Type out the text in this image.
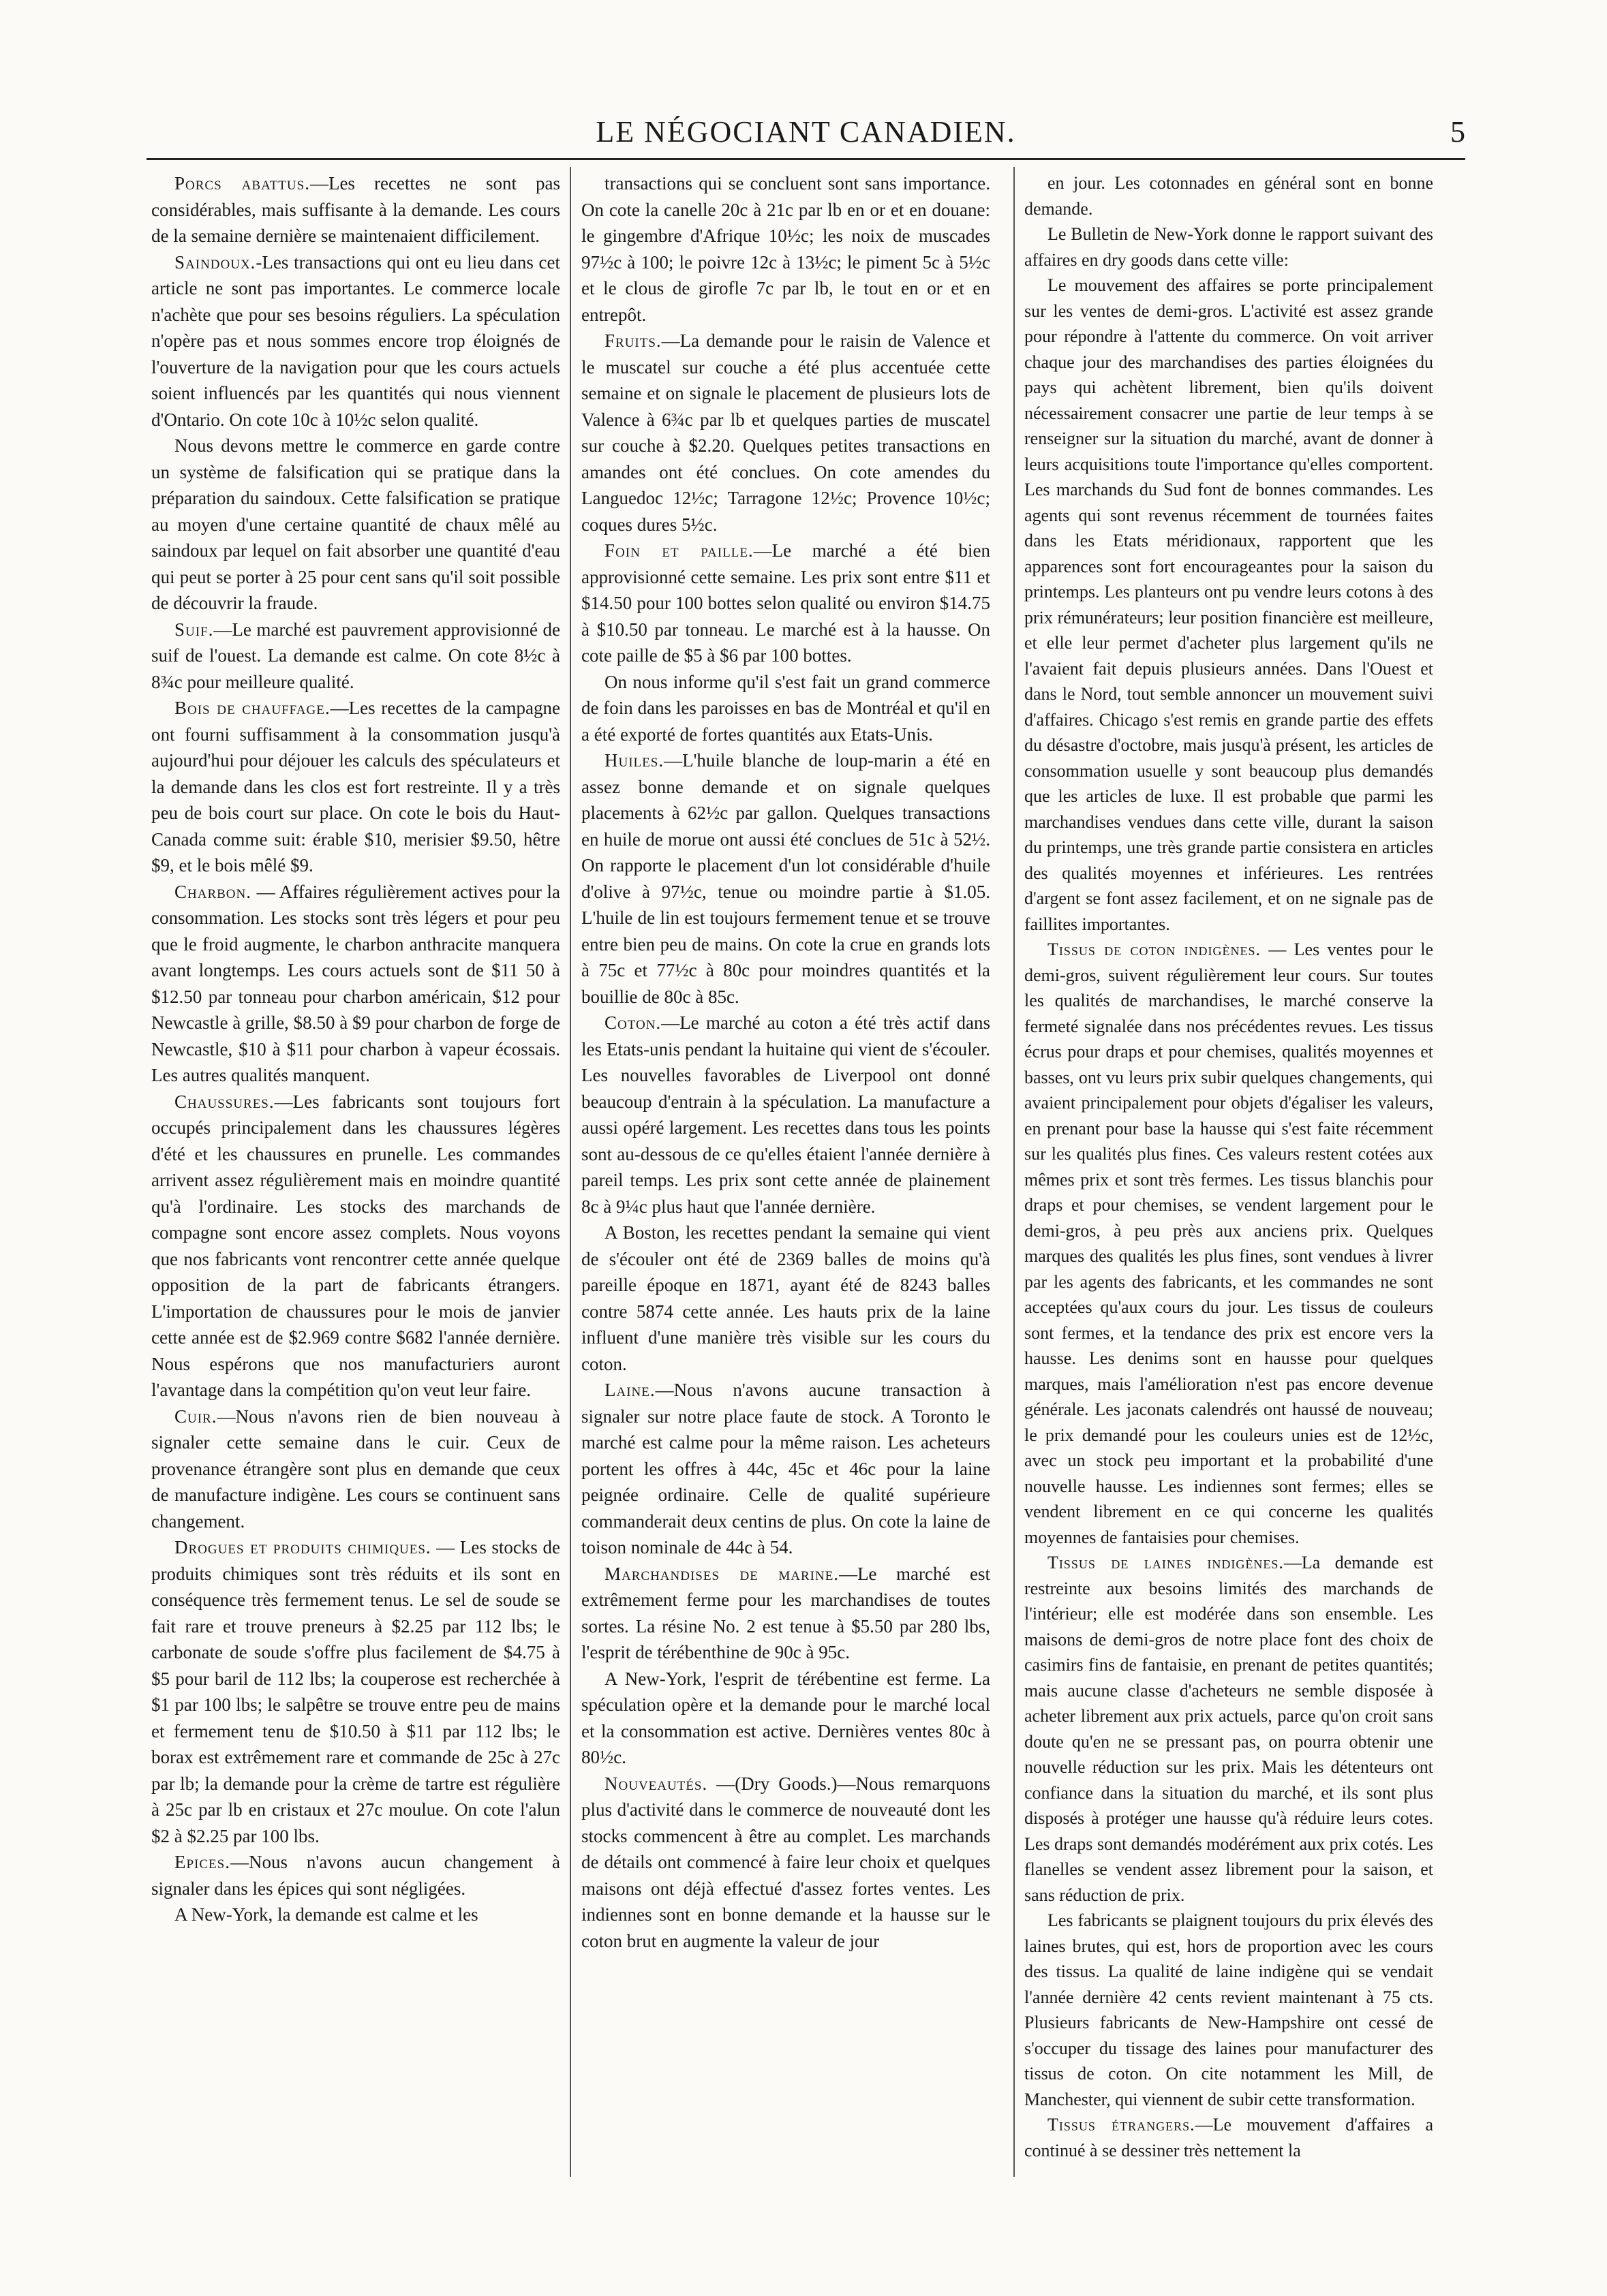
LE NÉGOCIANT CANADIEN.	5

Porcs abattus.—Les recettes ne sont pas considérables, mais suffisante à la demande. Les cours de la semaine dernière se maintenaient difficilement.

Saindoux.-Les transactions qui ont eu lieu dans cet article ne sont pas importantes. Le commerce locale n'achète que pour ses besoins réguliers. La spéculation n'opère pas et nous sommes encore trop éloignés de l'ouverture de la navigation pour que les cours actuels soient influencés par les quantités qui nous viennent d'Ontario. On cote 10c à 10½c selon qualité.

Nous devons mettre le commerce en garde contre un système de falsification qui se pratique dans la préparation du saindoux. Cette falsification se pratique au moyen d'une certaine quantité de chaux mêlé au saindoux par lequel on fait absorber une quantité d'eau qui peut se porter à 25 pour cent sans qu'il soit possible de découvrir la fraude.

Suif.—Le marché est pauvrement approvisionné de suif de l'ouest. La demande est calme. On cote 8½c à 8¾c pour meilleure qualité.

Bois de chauffage.—Les recettes de la campagne ont fourni suffisamment à la consommation jusqu'à aujourd'hui pour déjouer les calculs des spéculateurs et la demande dans les clos est fort restreinte. Il y a très peu de bois court sur place. On cote le bois du Haut-Canada comme suit: érable $10, merisier $9.50, hêtre $9, et le bois mêlé $9.

Charbon. — Affaires régulièrement actives pour la consommation. Les stocks sont très légers et pour peu que le froid augmente, le charbon anthracite manquera avant longtemps. Les cours actuels sont de $11 50 à $12.50 par tonneau pour charbon américain, $12 pour Newcastle à grille, $8.50 à $9 pour charbon de forge de Newcastle, $10 à $11 pour charbon à vapeur écossais. Les autres qualités manquent.

Chaussures.—Les fabricants sont toujours fort occupés principalement dans les chaussures légères d'été et les chaussures en prunelle. Les commandes arrivent assez régulièrement mais en moindre quantité qu'à l'ordinaire. Les stocks des marchands de compagne sont encore assez complets. Nous voyons que nos fabricants vont rencontrer cette année quelque opposition de la part de fabricants étrangers. L'importation de chaussures pour le mois de janvier cette année est de $2.969 contre $682 l'année dernière. Nous espérons que nos manufacturiers auront l'avantage dans la compétition qu'on veut leur faire.

Cuir.—Nous n'avons rien de bien nouveau à signaler cette semaine dans le cuir. Ceux de provenance étrangère sont plus en demande que ceux de manufacture indigène. Les cours se continuent sans changement.

Drogues et produits chimiques. — Les stocks de produits chimiques sont très réduits et ils sont en conséquence très fermement tenus. Le sel de soude se fait rare et trouve preneurs à $2.25 par 112 lbs; le carbonate de soude s'offre plus facilement de $4.75 à $5 pour baril de 112 lbs; la couperose est recherchée à $1 par 100 lbs; le salpêtre se trouve entre peu de mains et fermement tenu de $10.50 à $11 par 112 lbs; le borax est extrêmement rare et commande de 25c à 27c par lb; la demande pour la crème de tartre est régulière à 25c par lb en cristaux et 27c moulue. On cote l'alun $2 à $2.25 par 100 lbs.

Epices.—Nous n'avons aucun changement à signaler dans les épices qui sont négligées.

A New-York, la demande est calme et les

transactions qui se concluent sont sans importance. On cote la canelle 20c à 21c par lb en or et en douane: le gingembre d'Afrique 10½c; les noix de muscades 97½c à 100; le poivre 12c à 13½c; le piment 5c à 5½c et le clous de girofle 7c par lb, le tout en or et en entrepôt.

Fruits.—La demande pour le raisin de Valence et le muscatel sur couche a été plus accentuée cette semaine et on signale le placement de plusieurs lots de Valence à 6¾c par lb et quelques parties de muscatel sur couche à $2.20. Quelques petites transactions en amandes ont été conclues. On cote amendes du Languedoc 12½c; Tarragone 12½c; Provence 10½c; coques dures 5½c.

Foin et paille.—Le marché a été bien approvisionné cette semaine. Les prix sont entre $11 et $14.50 pour 100 bottes selon qualité ou environ $14.75 à $10.50 par tonneau. Le marché est à la hausse. On cote paille de $5 à $6 par 100 bottes.

On nous informe qu'il s'est fait un grand commerce de foin dans les paroisses en bas de Montréal et qu'il en a été exporté de fortes quantités aux Etats-Unis.

Huiles.—L'huile blanche de loup-marin a été en assez bonne demande et on signale quelques placements à 62½c par gallon. Quelques transactions en huile de morue ont aussi été conclues de 51c à 52½. On rapporte le placement d'un lot considérable d'huile d'olive à 97½c, tenue ou moindre partie à $1.05. L'huile de lin est toujours fermement tenue et se trouve entre bien peu de mains. On cote la crue en grands lots à 75c et 77½c à 80c pour moindres quantités et la bouillie de 80c à 85c.

Coton.—Le marché au coton a été très actif dans les Etats-unis pendant la huitaine qui vient de s'écouler. Les nouvelles favorables de Liverpool ont donné beaucoup d'entrain à la spéculation. La manufacture a aussi opéré largement. Les recettes dans tous les points sont au-dessous de ce qu'elles étaient l'année dernière à pareil temps. Les prix sont cette année de plainement 8c à 9¼c plus haut que l'année dernière.

A Boston, les recettes pendant la semaine qui vient de s'écouler ont été de 2369 balles de moins qu'à pareille époque en 1871, ayant été de 8243 balles contre 5874 cette année. Les hauts prix de la laine influent d'une manière très visible sur les cours du coton.

Laine.—Nous n'avons aucune transaction à signaler sur notre place faute de stock. A Toronto le marché est calme pour la même raison. Les acheteurs portent les offres à 44c, 45c et 46c pour la laine peignée ordinaire. Celle de qualité supérieure commanderait deux centins de plus. On cote la laine de toison nominale de 44c à 54.

Marchandises de marine.—Le marché est extrêmement ferme pour les marchandises de toutes sortes. La résine No. 2 est tenue à $5.50 par 280 lbs, l'esprit de térébenthine de 90c à 95c.

A New-York, l'esprit de térébentine est ferme. La spéculation opère et la demande pour le marché local et la consommation est active. Dernières ventes 80c à 80½c.

Nouveautés. —(Dry Goods.)—Nous remarquons plus d'activité dans le commerce de nouveauté dont les stocks commencent à être au complet. Les marchands de détails ont commencé à faire leur choix et quelques maisons ont déjà effectué d'assez fortes ventes. Les indiennes sont en bonne demande et la hausse sur le coton brut en augmente la valeur de jour

en jour. Les cotonnades en général sont en bonne demande.

Le Bulletin de New-York donne le rapport suivant des affaires en dry goods dans cette ville:

Le mouvement des affaires se porte principalement sur les ventes de demi-gros. L'activité est assez grande pour répondre à l'attente du commerce. On voit arriver chaque jour des marchandises des parties éloignées du pays qui achètent librement, bien qu'ils doivent nécessairement consacrer une partie de leur temps à se renseigner sur la situation du marché, avant de donner à leurs acquisitions toute l'importance qu'elles comportent. Les marchands du Sud font de bonnes commandes. Les agents qui sont revenus récemment de tournées faites dans les Etats méridionaux, rapportent que les apparences sont fort encourageantes pour la saison du printemps. Les planteurs ont pu vendre leurs cotons à des prix rémunérateurs; leur position financière est meilleure, et elle leur permet d'acheter plus largement qu'ils ne l'avaient fait depuis plusieurs années. Dans l'Ouest et dans le Nord, tout semble annoncer un mouvement suivi d'affaires. Chicago s'est remis en grande partie des effets du désastre d'octobre, mais jusqu'à présent, les articles de consommation usuelle y sont beaucoup plus demandés que les articles de luxe. Il est probable que parmi les marchandises vendues dans cette ville, durant la saison du printemps, une très grande partie consistera en articles des qualités moyennes et inférieures. Les rentrées d'argent se font assez facilement, et on ne signale pas de faillites importantes.

Tissus de coton indigènes. — Les ventes pour le demi-gros, suivent régulièrement leur cours. Sur toutes les qualités de marchandises, le marché conserve la fermeté signalée dans nos précédentes revues. Les tissus écrus pour draps et pour chemises, qualités moyennes et basses, ont vu leurs prix subir quelques changements, qui avaient principalement pour objets d'égaliser les valeurs, en prenant pour base la hausse qui s'est faite récemment sur les qualités plus fines. Ces valeurs restent cotées aux mêmes prix et sont très fermes. Les tissus blanchis pour draps et pour chemises, se vendent largement pour le demi-gros, à peu près aux anciens prix. Quelques marques des qualités les plus fines, sont vendues à livrer par les agents des fabricants, et les commandes ne sont acceptées qu'aux cours du jour. Les tissus de couleurs sont fermes, et la tendance des prix est encore vers la hausse. Les denims sont en hausse pour quelques marques, mais l'amélioration n'est pas encore devenue générale. Les jaconats calendrés ont haussé de nouveau; le prix demandé pour les couleurs unies est de 12½c, avec un stock peu important et la probabilité d'une nouvelle hausse. Les indiennes sont fermes; elles se vendent librement en ce qui concerne les qualités moyennes de fantaisies pour chemises.

Tissus de laines indigènes.—La demande est restreinte aux besoins limités des marchands de l'intérieur; elle est modérée dans son ensemble. Les maisons de demi-gros de notre place font des choix de casimirs fins de fantaisie, en prenant de petites quantités; mais aucune classe d'acheteurs ne semble disposée à acheter librement aux prix actuels, parce qu'on croit sans doute qu'en ne se pressant pas, on pourra obtenir une nouvelle réduction sur les prix. Mais les détenteurs ont confiance dans la situation du marché, et ils sont plus disposés à protéger une hausse qu'à réduire leurs cotes. Les draps sont demandés modérément aux prix cotés. Les flanelles se vendent assez librement pour la saison, et sans réduction de prix.

Les fabricants se plaignent toujours du prix élevés des laines brutes, qui est, hors de proportion avec les cours des tissus. La qualité de laine indigène qui se vendait l'année dernière 42 cents revient maintenant à 75 cts. Plusieurs fabricants de New-Hampshire ont cessé de s'occuper du tissage des laines pour manufacturer des tissus de coton. On cite notamment les Mill, de Manchester, qui viennent de subir cette transformation.

Tissus étrangers.—Le mouvement d'affaires a continué à se dessiner très nettement la
